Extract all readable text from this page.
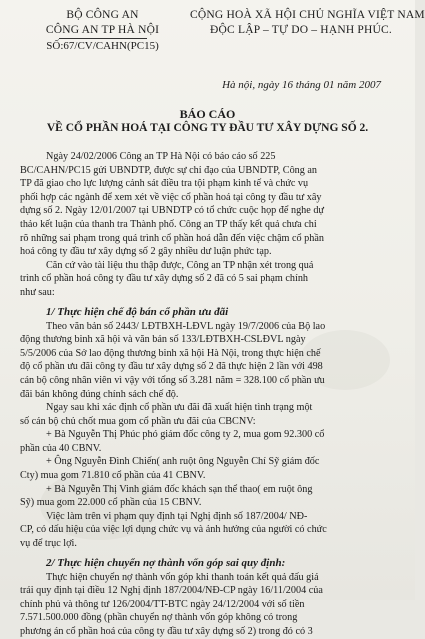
BỘ CÔNG AN
CÔNG AN TP HÀ NỘI
SỐ:67/CV/CAHN(PC15)
CỘNG HOÀ XÃ HỘI CHỦ NGHĨA VIỆT NAM
ĐỘC LẬP – TỰ DO – HẠNH PHÚC.
Hà nội, ngày 16 tháng 01 năm 2007
BÁO CÁO
VỀ CỔ PHẦN HOÁ TẠI CÔNG TY ĐẦU TƯ XÂY DỰNG SỐ 2.
Ngày 24/02/2006 Công an TP Hà Nội có báo cáo số 225
BC/CAHN/PC15 gửi UBNDTP, được sự chỉ đạo của UBNDTP, Công an
TP đã giao cho lực lượng cảnh sát điều tra tội phạm kinh tế và chức vụ
phối hợp các ngành để xem xét về việc cổ phần hoá tại công ty đầu tư xây
dựng số 2. Ngày 12/01/2007 tại UBNDTP có tổ chức cuộc họp để nghe dự
thảo kết luận của thanh tra Thành phố. Công an TP thấy kết quả chưa chỉ
rõ những sai phạm trong quá trình cổ phần hoá dẫn đến việc chậm cổ phần
hoá công ty đầu tư xây dựng số 2 gây nhiều dư luận phức tạp.
Căn cứ vào tài liệu thu thập được, Công an TP nhận xét trong quá
trình cổ phần hoá công ty đầu tư xây dựng số 2 đã có 5 sai phạm chính
như sau:
1/ Thực hiện chế độ bán cổ phần ưu đãi
Theo văn bản số 2443/ LĐTBXH-LĐVL ngày 19/7/2006 của Bộ lao
động thương binh xã hội và văn bản số 133/LĐTBXH-CSLĐVL ngày
5/5/2006 của Sở lao động thương binh xã hội Hà Nội, trong thực hiện chế
độ cổ phần ưu đãi công ty đầu tư xây dựng số 2 đã thực hiện 2 lần với 498
cán bộ công nhân viên vì vậy với tổng số 3.281 năm = 328.100 cổ phần ưu
đãi bán không đúng chính sách chế độ.
Ngay sau khi xác định cổ phần ưu đãi đã xuất hiện tình trạng một
số cán bộ chủ chốt mua gom cổ phần ưu đãi của CBCNV:
+ Bà Nguyễn Thị Phúc phó giám đốc công ty 2, mua gom 92.300 cổ
phần của 40 CBNV.
+ Ông Nguyễn Đình Chiến( anh ruột ông Nguyễn Chí Sỹ giám đốc
Cty) mua gom 71.810 cổ phần của 41 CBNV.
+ Bà Nguyễn Thị Vinh giám đốc khách sạn thể thao( em ruột ông
Sỹ) mua gom 22.000 cổ phần của 15 CBNV.
Việc làm trên vi phạm quy định tại Nghị định số 187/2004/ NĐ-
CP, có dấu hiệu của việc lợi dụng chức vụ và ảnh hưởng của người có chức
vụ để trục lợi.
2/ Thực hiện chuyển nợ thành vốn góp sai quy định:
Thực hiện chuyển nợ thành vốn góp khi thanh toán kết quả đấu giá
trái quy định tại điều 12 Nghị định 187/2004/NĐ-CP ngày 16/11/2004 của
chính phủ và thông tư 126/2004/TT-BTC ngày 24/12/2004 với số tiền
7.571.500.000 đồng (phần chuyển nợ thành vốn góp không có trong
phương án cổ phần hoá của công ty đầu tư xây dựng số 2) trong đó có 3
